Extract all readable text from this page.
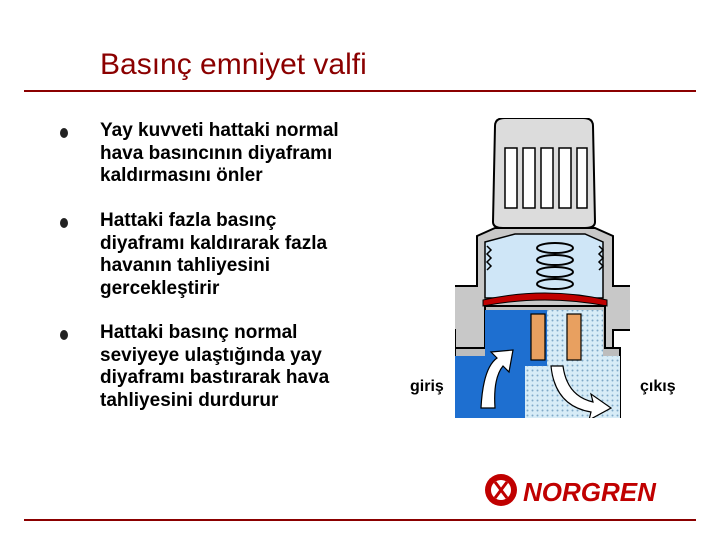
Basınç emniyet valfi
Yay kuvveti hattaki normal hava basıncının diyaframı kaldırmasını önler
Hattaki fazla basınç diyaframı kaldırarak fazla havanın tahliyesini gercekleştirir
Hattaki basınç normal seviyeye ulaştığında yay diyaframı bastırarak hava tahliyesini durdurur
giriş	çıkış
NORGREN
